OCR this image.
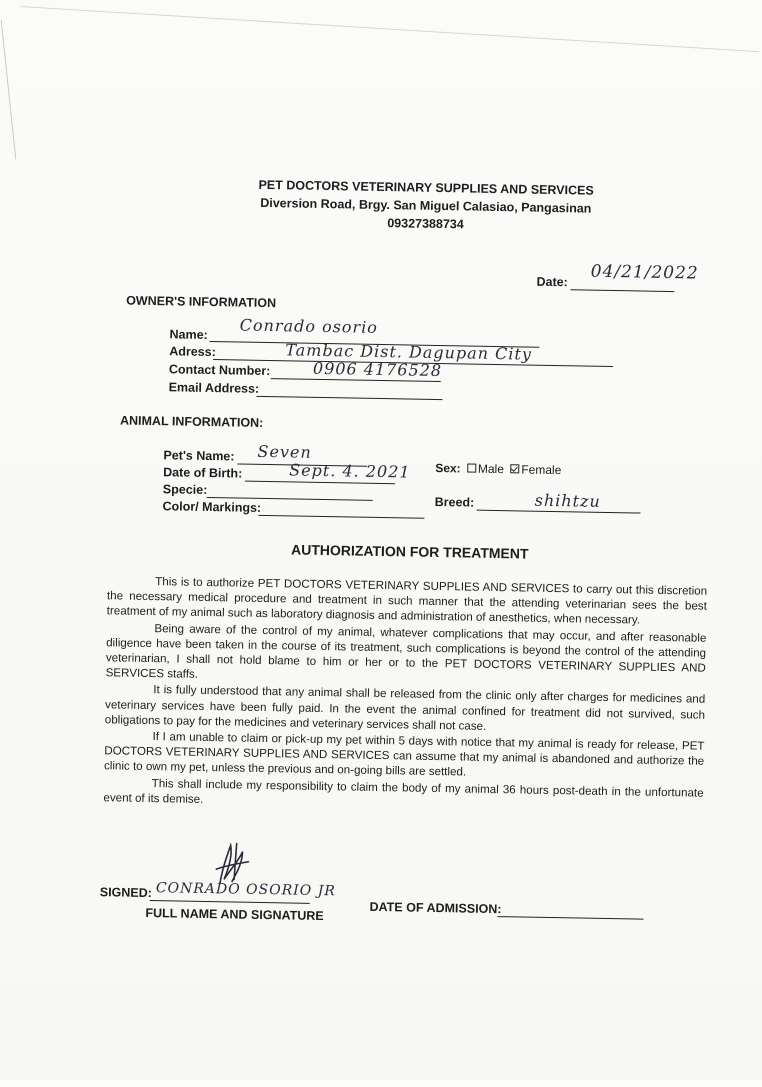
PET DOCTORS VETERINARY SUPPLIES AND SERVICES
Diversion Road, Brgy. San Miguel Calasiao, Pangasinan
09327388734
Date: 04/21/2022
OWNER'S INFORMATION
Name: Conrado osorio
Adress:	Tambac Dist. Dagupan City
Contact Number:	0906 4176528
Email Address:
ANIMAL INFORMATION:
Pet's Name: Seven
Date of Birth:	Sept. 4. 2021
Specie:
Color/ Markings:
Sex: Male Female
Breed:	shihtzu
AUTHORIZATION FOR TREATMENT

This is to authorize PET DOCTORS VETERINARY SUPPLIES AND SERVICES to carry out this discretion the necessary medical procedure and treatment in such manner that the attending veterinarian sees the best treatment of my animal such as laboratory diagnosis and administration of anesthetics, when necessary.

Being aware of the control of my animal, whatever complications that may occur, and after reasonable diligence have been taken in the course of its treatment, such complications is beyond the control of the attending veterinarian, I shall not hold blame to him or her or to the PET DOCTORS VETERINARY SUPPLIES AND SERVICES staffs.

It is fully understood that any animal shall be released from the clinic only after charges for medicines and veterinary services have been fully paid. In the event the animal confined for treatment did not survived, such obligations to pay for the medicines and veterinary services shall not case.

If I am unable to claim or pick-up my pet within 5 days with notice that my animal is ready for release, PET DOCTORS VETERINARY SUPPLIES AND SERVICES can assume that my animal is abandoned and authorize the clinic to own my pet, unless the previous and on-going bills are settled.

This shall include my responsibility to claim the body of my animal 36 hours post-death in the unfortunate event of its demise.

SIGNED: CONRADO OSORIO JR
FULL NAME AND SIGNATURE	DATE OF ADMISSION:
